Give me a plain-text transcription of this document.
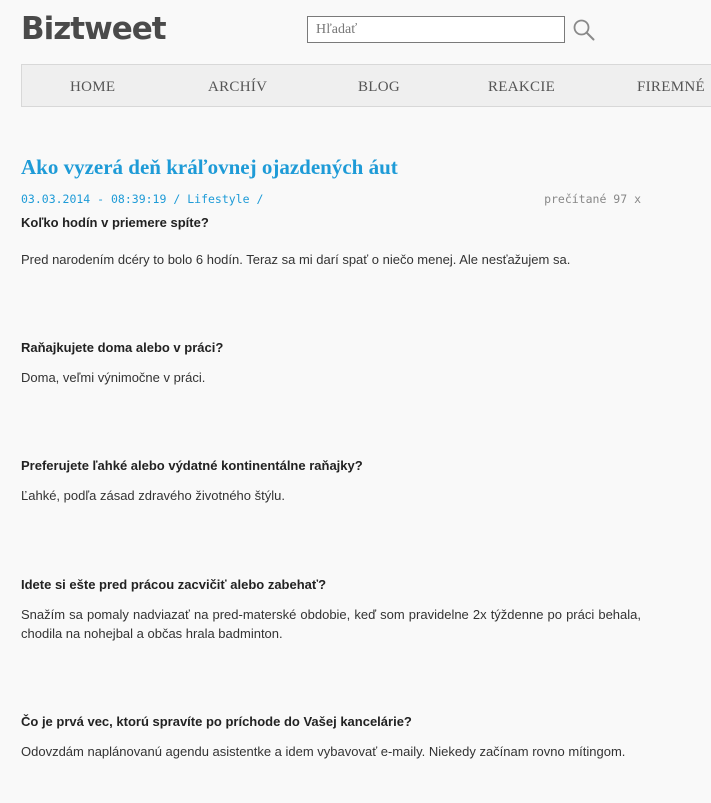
Biztweet
Hľadať
HOME	ARCHÍV	BLOG	REAKCIE	FIREMNÉ
Ako vyzerá deň kráľovnej ojazdených áut
03.03.2014 - 08:39:19 / Lifestyle /	prečítané 97 x

Koľko hodín v priemere spíte?

Pred narodením dcéry to bolo 6 hodín. Teraz sa mi darí spať o niečo menej. Ale nesťažujem sa.

Raňajkujete doma alebo v práci?

Doma, veľmi výnimočne v práci.

Preferujete ľahké alebo výdatné kontinentálne raňajky?

Ľahké, podľa zásad zdravého životného štýlu.

Idete si ešte pred prácou zacvičiť alebo zabehať?

Snažím sa pomaly nadviazať na pred-materské obdobie, keď som pravidelne 2x týždenne po práci behala, chodila na nohejbal a občas hrala badminton.

Čo je prvá vec, ktorú spravíte po príchode do Vašej kancelárie?

Odovzdám naplánovanú agendu asistentke a idem vybavovať e-maily. Niekedy začínam rovno mítingom.
